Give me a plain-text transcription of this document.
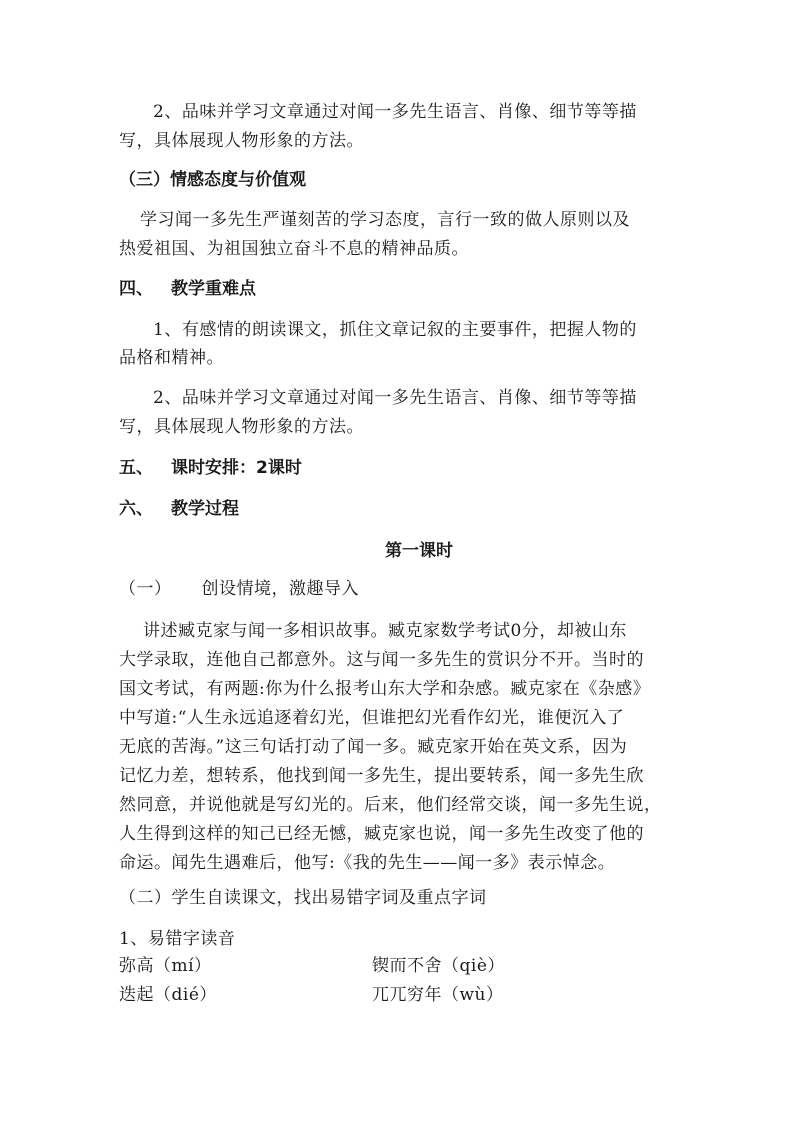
2、品味并学习文章通过对闻一多先生语言、肖像、细节等等描
写，具体展现人物形象的方法。
（三）情感态度与价值观
学习闻一多先生严谨刻苦的学习态度，言行一致的做人原则以及
热爱祖国、为祖国独立奋斗不息的精神品质。
四、 教学重难点
1、有感情的朗读课文，抓住文章记叙的主要事件，把握人物的
品格和精神。
2、品味并学习文章通过对闻一多先生语言、肖像、细节等等描
写，具体展现人物形象的方法。
五、 课时安排：2课时
六、 教学过程
第一课时
（一） 创设情境，激趣导入
讲述臧克家与闻一多相识故事。臧克家数学考试0分，却被山东
大学录取，连他自己都意外。这与闻一多先生的赏识分不开。当时的
国文考试，有两题:你为什么报考山东大学和杂感。臧克家在《杂感》
中写道:“人生永远追逐着幻光，但谁把幻光看作幻光，谁便沉入了
无底的苦海。”这三句话打动了闻一多。臧克家开始在英文系，因为
记忆力差，想转系，他找到闻一多先生，提出要转系，闻一多先生欣
然同意，并说他就是写幻光的。后来，他们经常交谈，闻一多先生说，
人生得到这样的知己已经无憾，臧克家也说，闻一多先生改变了他的
命运。闻先生遇难后，他写:《我的先生——闻一多》表示悼念。
（二）学生自读课文，找出易错字词及重点字词
1、易错字读音
弥高（mí）	锲而不舍（qiè）
迭起（dié）	兀兀穷年（wù）
